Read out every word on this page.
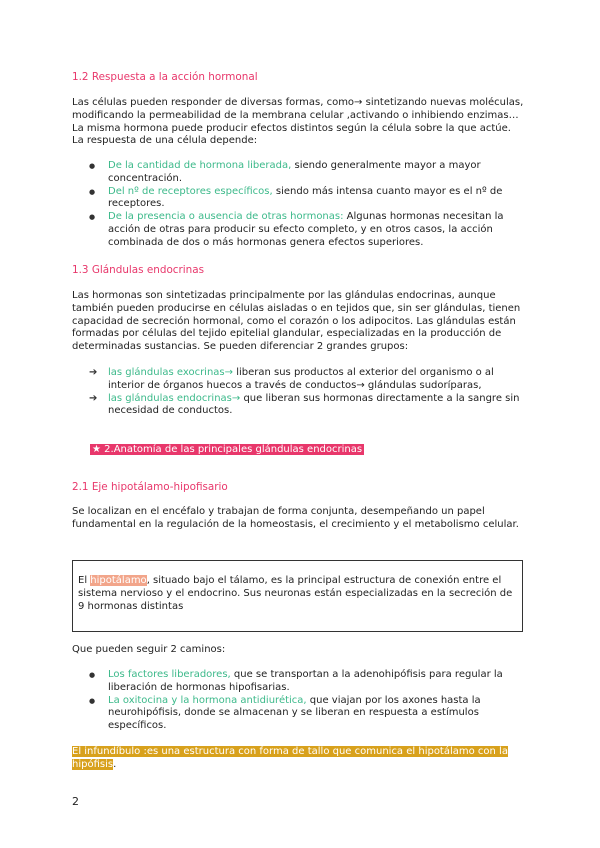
1.2 Respuesta a la acción hormonal

Las células pueden responder de diversas formas, como→ sintetizando nuevas moléculas, modificando la permeabilidad de la membrana celular ,activando o inhibiendo enzimas… La misma hormona puede producir efectos distintos según la célula sobre la que actúe. La respuesta de una célula depende:

● De la cantidad de hormona liberada, siendo generalmente mayor a mayor concentración.
● Del nº de receptores específicos, siendo más intensa cuanto mayor es el nº de receptores.
● De la presencia o ausencia de otras hormonas: Algunas hormonas necesitan la acción de otras para producir su efecto completo, y en otros casos, la acción combinada de dos o más hormonas genera efectos superiores.
1.3 Glándulas endocrinas

Las hormonas son sintetizadas principalmente por las glándulas endocrinas, aunque también pueden producirse en células aisladas o en tejidos que, sin ser glándulas, tienen capacidad de secreción hormonal, como el corazón o los adipocitos. Las glándulas están formadas por células del tejido epitelial glandular, especializadas en la producción de determinadas sustancias. Se pueden diferenciar 2 grandes grupos:

➔ las glándulas exocrinas→ liberan sus productos al exterior del organismo o al interior de órganos huecos a través de conductos→ glándulas sudoríparas,
➔ las glándulas endocrinas→ que liberan sus hormonas directamente a la sangre sin necesidad de conductos.
★ 2.Anatomía de las principales glándulas endocrinas
2.1 Eje hipotálamo-hipofisario

Se localizan en el encéfalo y trabajan de forma conjunta, desempeñando un papel fundamental en la regulación de la homeostasis, el crecimiento y el metabolismo celular.

El hipotálamo, situado bajo el tálamo, es la principal estructura de conexión entre el sistema nervioso y el endocrino. Sus neuronas están especializadas en la secreción de 9 hormonas distintas

Que pueden seguir 2 caminos:

● Los factores liberadores, que se transportan a la adenohipófisis para regular la liberación de hormonas hipofisarias.
● La oxitocina y la hormona antidiurética, que viajan por los axones hasta la neurohipófisis, donde se almacenan y se liberan en respuesta a estímulos específicos.

El infundíbulo :es una estructura con forma de tallo que comunica el hipotálamo con la hipófisis.

2
